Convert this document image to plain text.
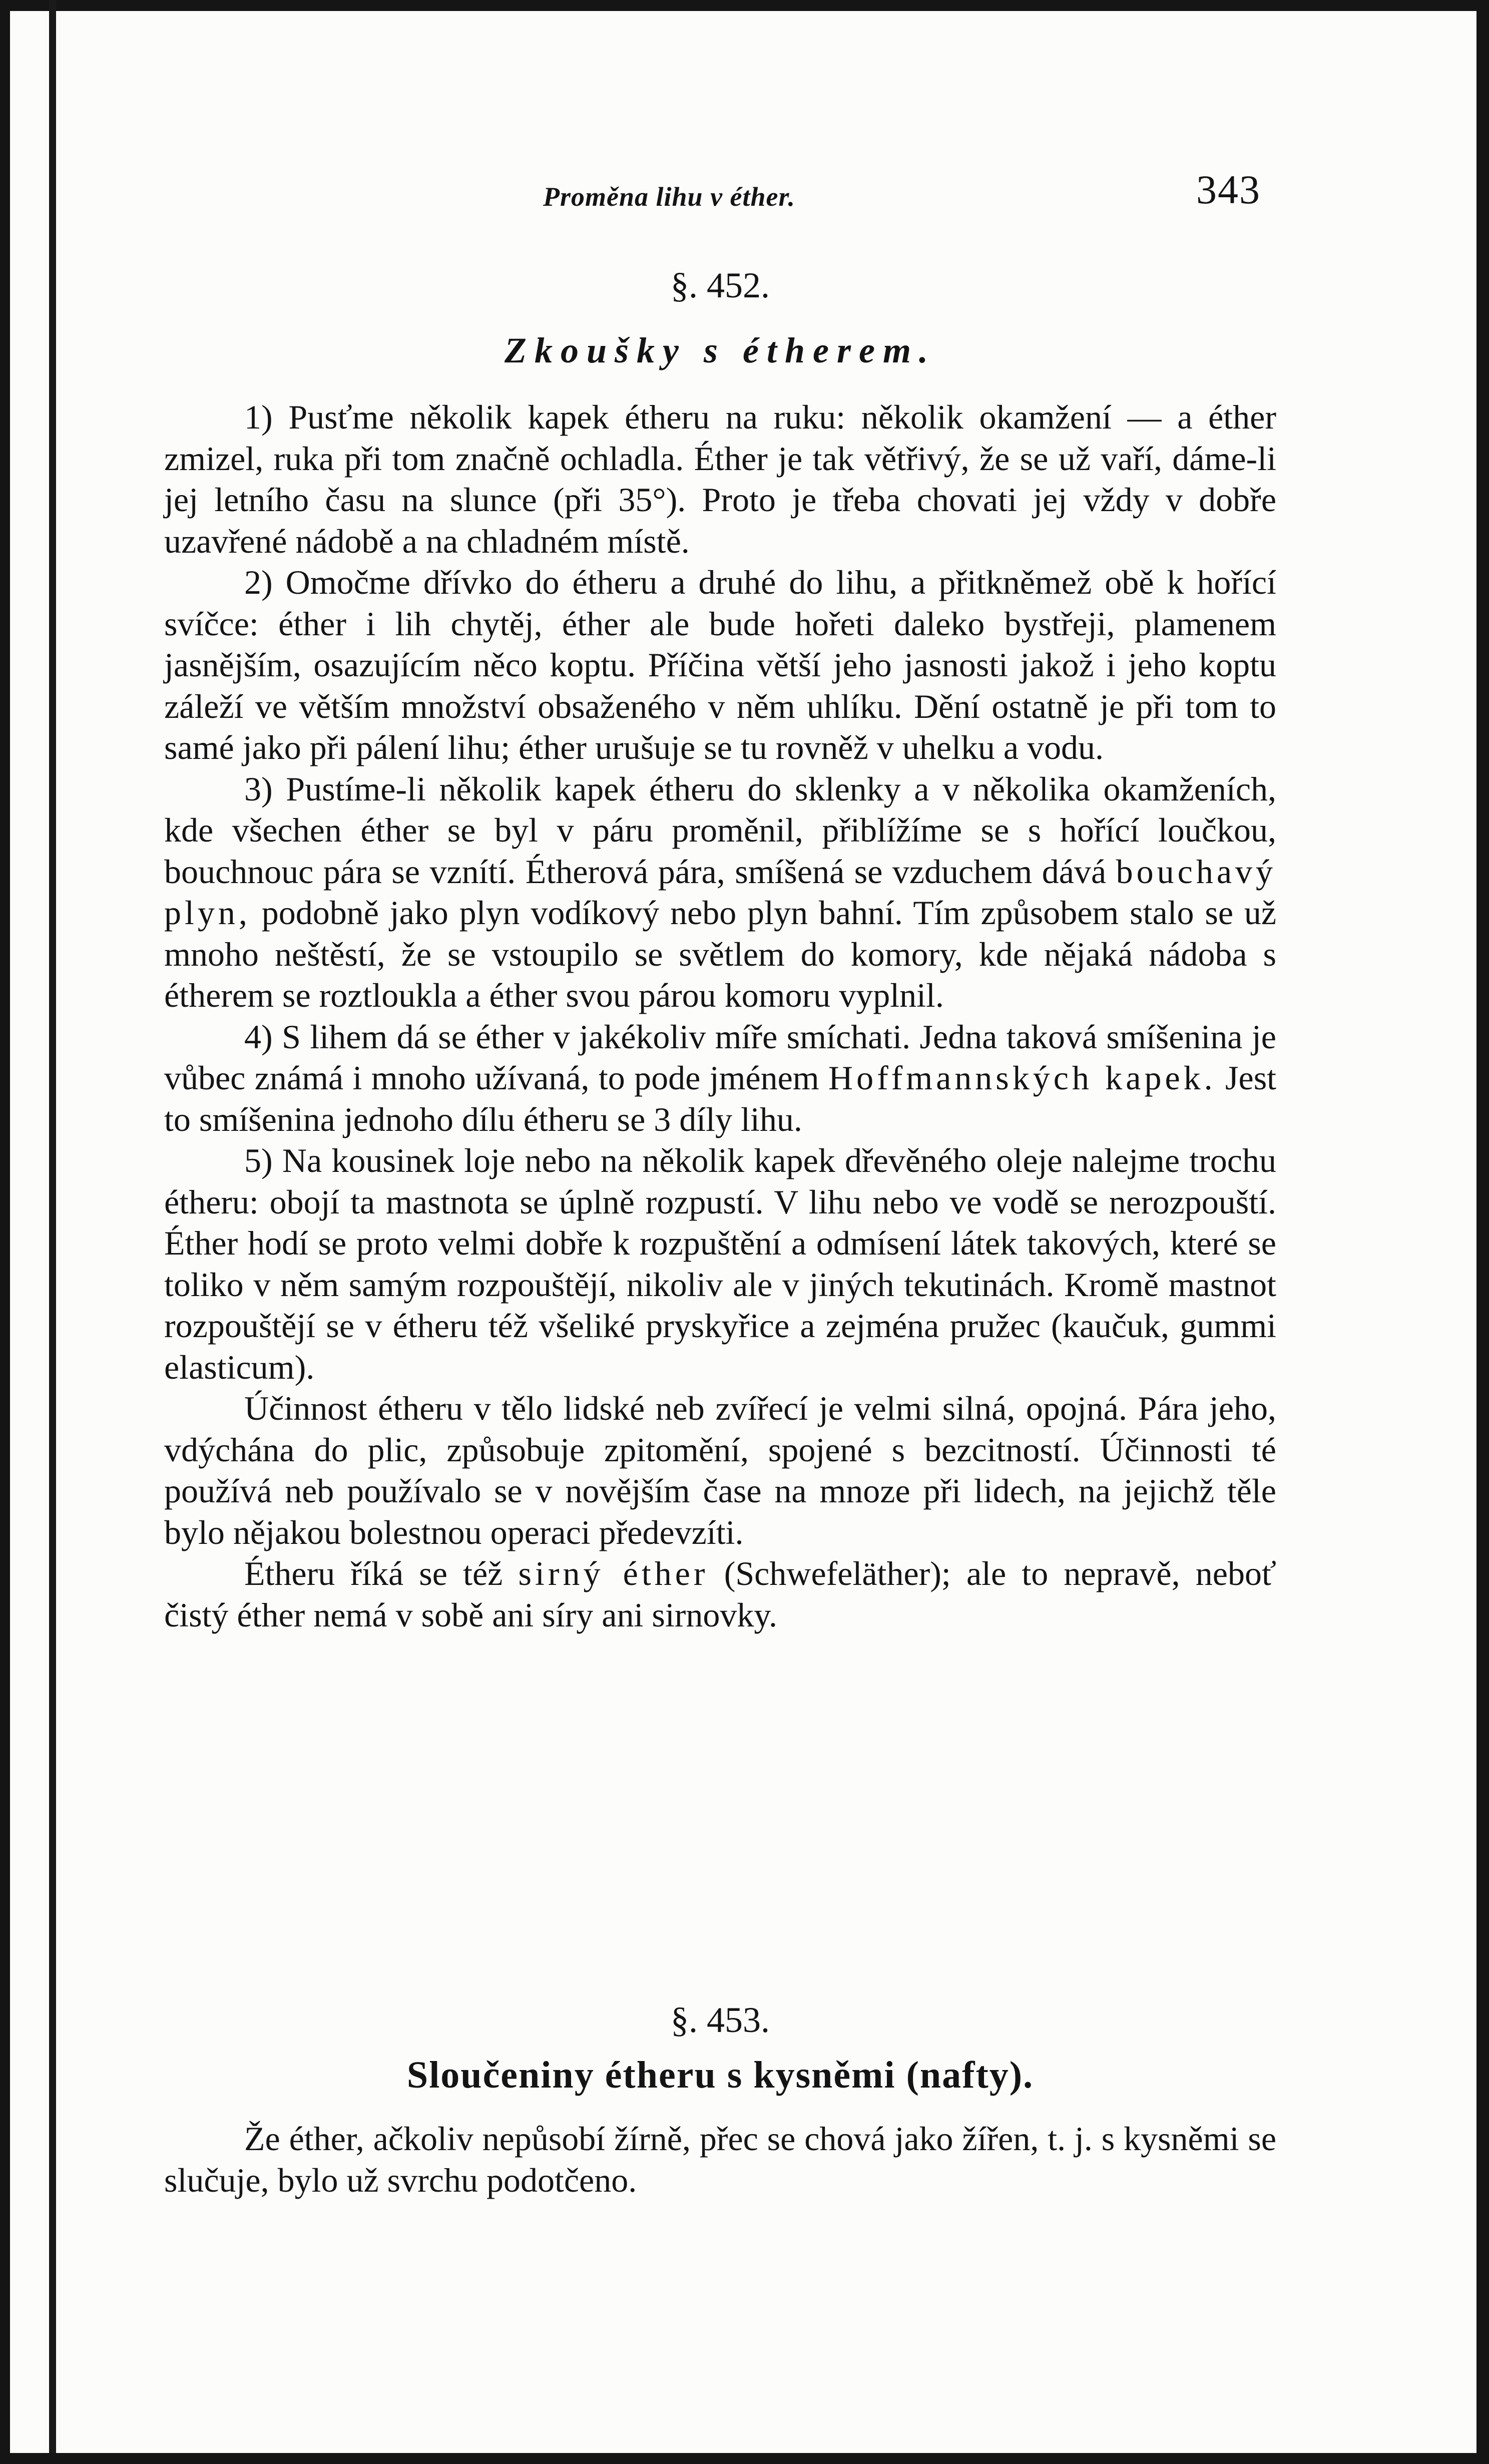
Proměna lihu v éther.	343
§. 452.
Zkoušky s étherem.

1) Pusťme několik kapek étheru na ruku: několik okamžení — a éther zmizel, ruka při tom značně ochladla. Éther je tak větřivý, že se už vaří, dáme-li jej letního času na slunce (při 35°). Proto je třeba chovati jej vždy v dobře uzavřené nádobě a na chladném místě.

2) Omočme dřívko do étheru a druhé do lihu, a přitkněmež obě k hořící svíčce: éther i lih chytěj, éther ale bude hořeti daleko bystřeji, plamenem jasnějším, osazujícím něco koptu. Příčina větší jeho jasnosti jakož i jeho koptu záleží ve větším množství obsaženého v něm uhlíku. Dění ostatně je při tom to samé jako při pálení lihu; éther urušuje se tu rovněž v uhelku a vodu.

3) Pustíme-li několik kapek étheru do sklenky a v několika okamženích, kde všechen éther se byl v páru proměnil, přiblížíme se s hořící loučkou, bouchnouc pára se vznítí. Étherová pára, smíšená se vzduchem dává bouchavý plyn, podobně jako plyn vodíkový nebo plyn bahní. Tím způsobem stalo se už mnoho neštěstí, že se vstoupilo se světlem do komory, kde nějaká nádoba s étherem se roztloukla a éther svou párou komoru vyplnil.

4) S lihem dá se éther v jakékoliv míře smíchati. Jedna taková smíšenina je vůbec známá i mnoho užívaná, to pode jménem Hoffmannských kapek. Jest to smíšenina jednoho dílu étheru se 3 díly lihu.

5) Na kousinek loje nebo na několik kapek dřevěného oleje nalejme trochu étheru: obojí ta mastnota se úplně rozpustí. V lihu nebo ve vodě se nerozpouští. Éther hodí se proto velmi dobře k rozpuštění a odmísení látek takových, které se toliko v něm samým rozpouštějí, nikoliv ale v jiných tekutinách. Kromě mastnot rozpouštějí se v étheru též všeliké pryskyřice a zejména pružec (kaučuk, gummi elasticum).

Účinnost étheru v tělo lidské neb zvířecí je velmi silná, opojná. Pára jeho, vdýchána do plic, způsobuje zpitomění, spojené s bezcitností. Účinnosti té používá neb používalo se v novějším čase na mnoze při lidech, na jejichž těle bylo nějakou bolestnou operaci předevzíti.

Étheru říká se též sirný éther (Schwefeläther); ale to nepravě, neboť čistý éther nemá v sobě ani síry ani sirnovky.

§. 453.
Sloučeniny étheru s kysněmi (nafty).

Že éther, ačkoliv nepůsobí žírně, přec se chová jako žířen, t. j. s kysněmi se slučuje, bylo už svrchu podotčeno.
